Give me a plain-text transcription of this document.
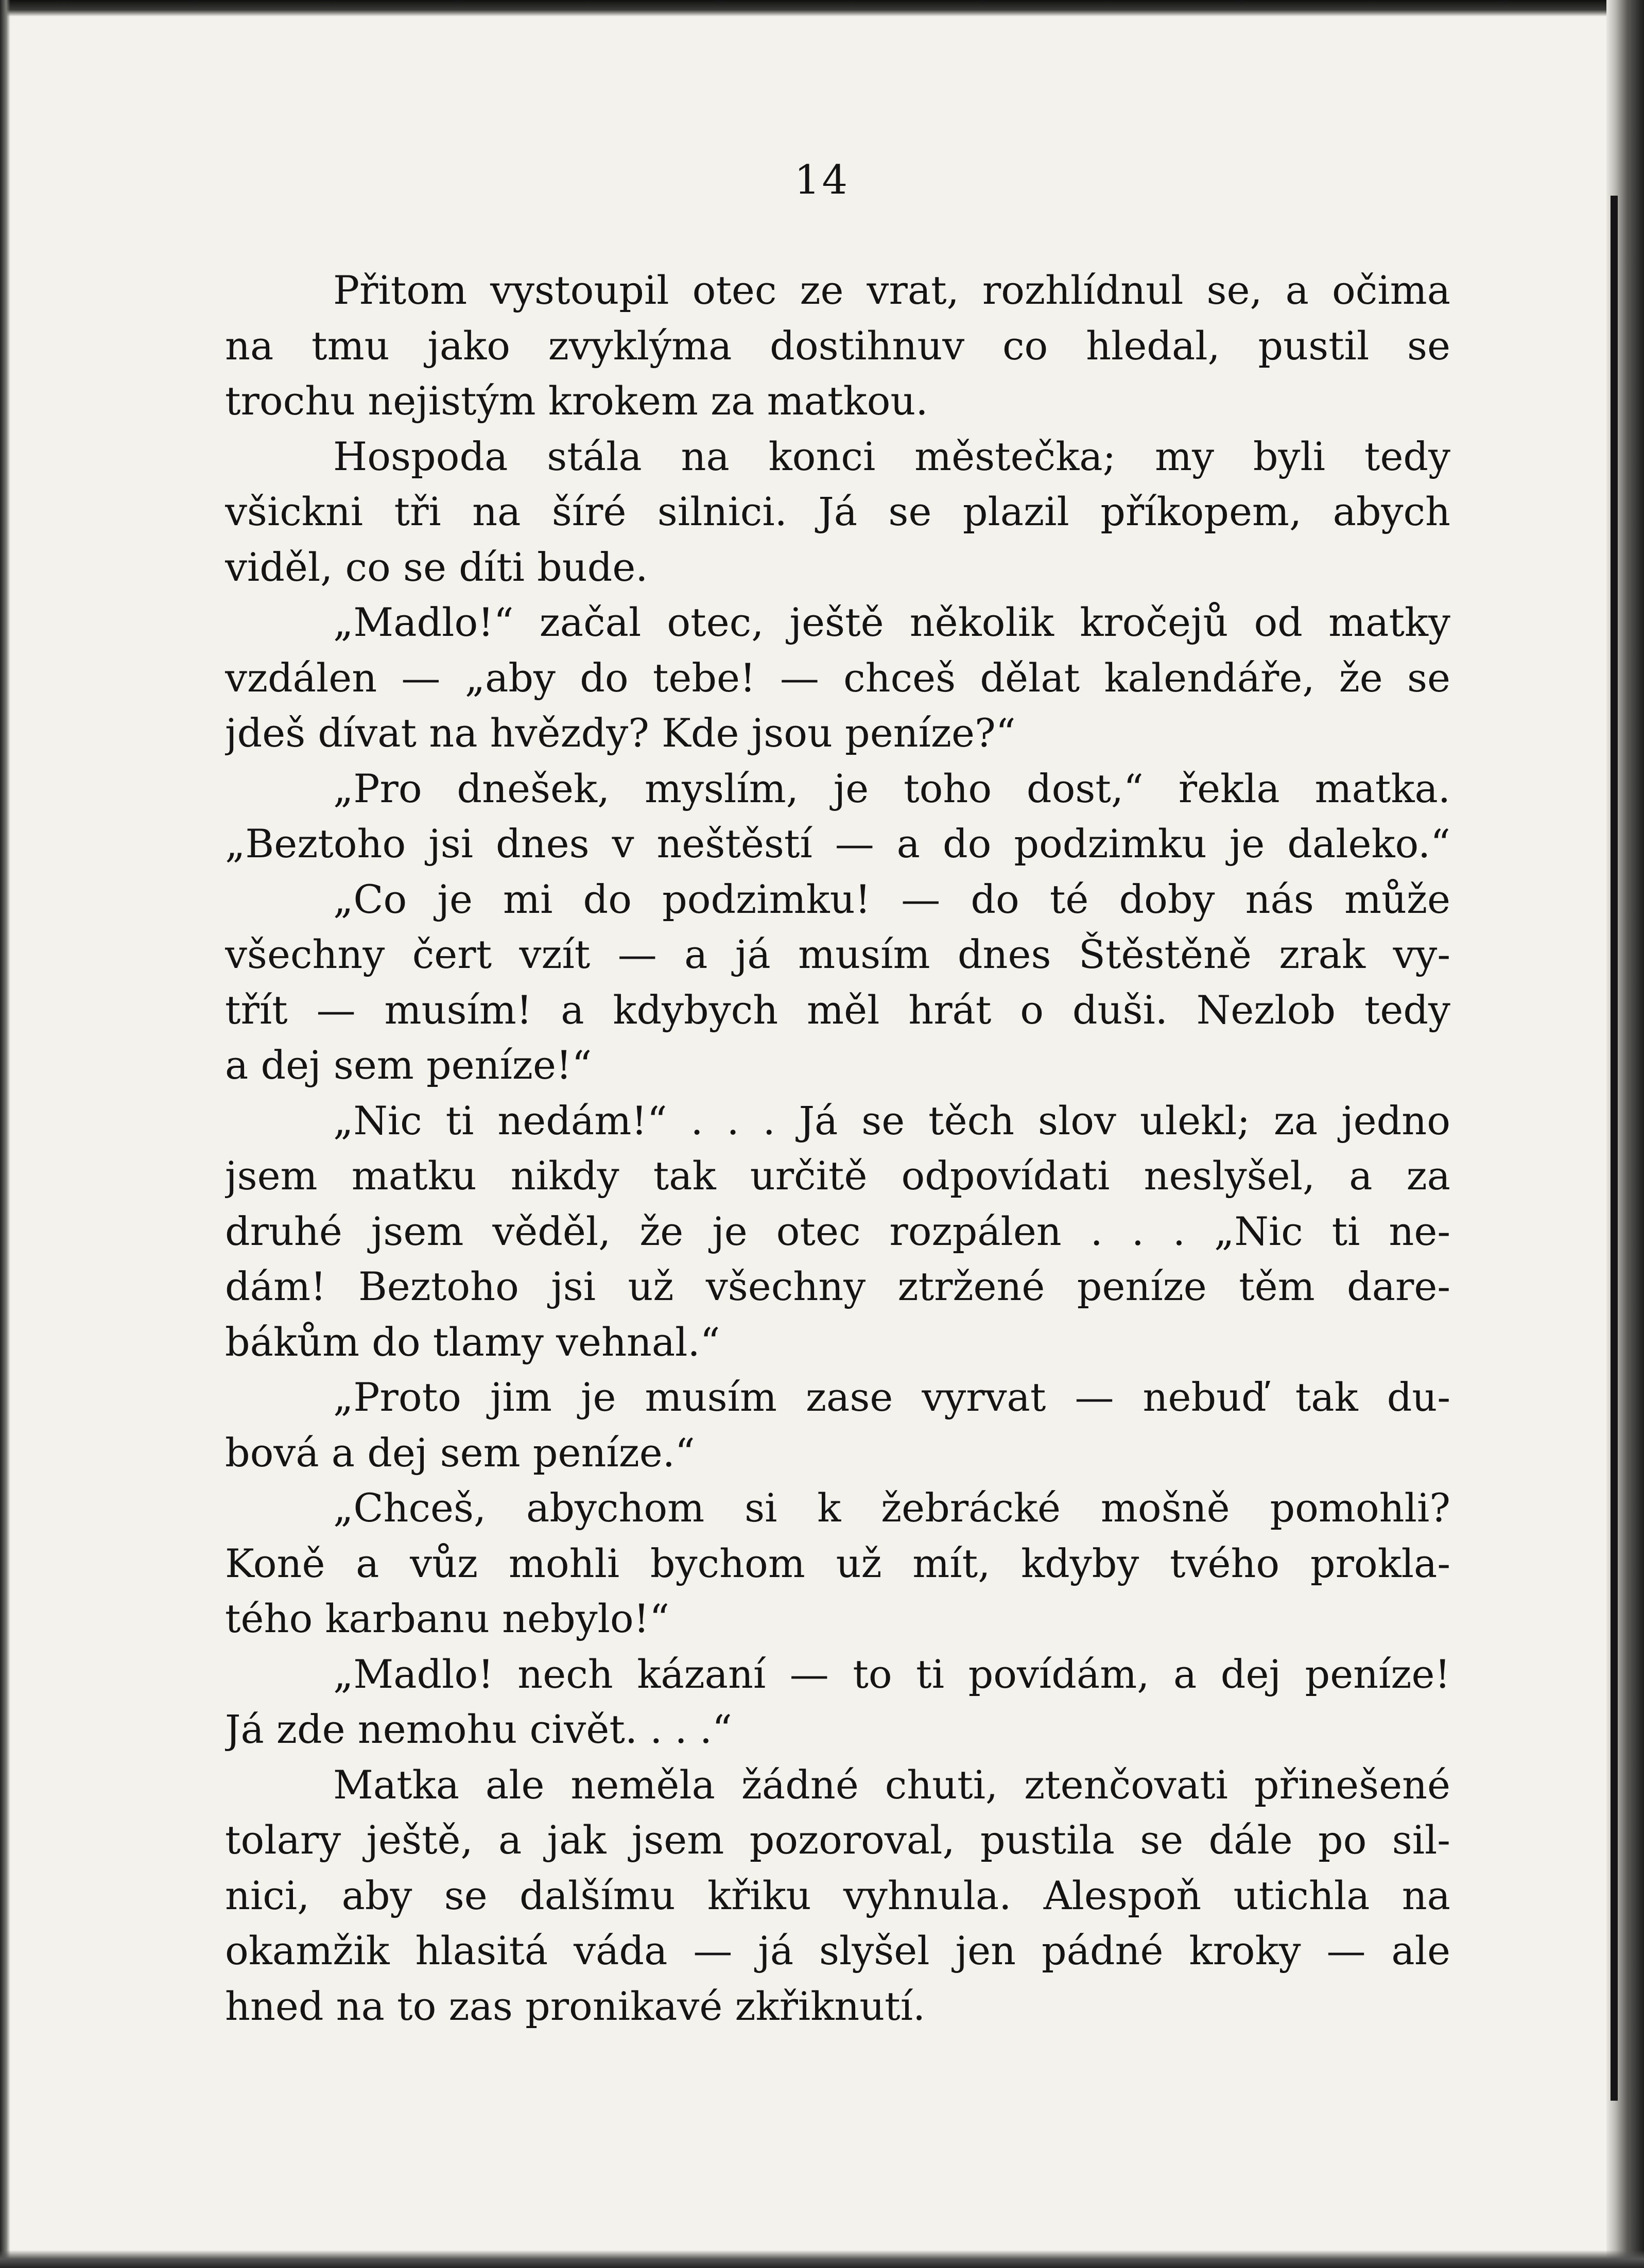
14
Přitom vystoupil otec ze vrat, rozhlídnul se, a očima
na tmu jako zvyklýma dostihnuv co hledal, pustil se
trochu nejistým krokem za matkou.
Hospoda stála na konci městečka; my byli tedy
všickni tři na šíré silnici. Já se plazil příkopem, abych
viděl, co se díti bude.
„Madlo!“ začal otec, ještě několik kročejů od matky
vzdálen — „aby do tebe! — chceš dělat kalendáře, že se
jdeš dívat na hvězdy? Kde jsou peníze?“
„Pro dnešek, myslím, je toho dost,“ řekla matka.
„Beztoho jsi dnes v neštěstí — a do podzimku je daleko.“
„Co je mi do podzimku! — do té doby nás může
všechny čert vzít — a já musím dnes Štěstěně zrak vy-
třít — musím! a kdybych měl hrát o duši. Nezlob tedy
a dej sem peníze!“
„Nic ti nedám!“ . . . Já se těch slov ulekl; za jedno
jsem matku nikdy tak určitě odpovídati neslyšel, a za
druhé jsem věděl, že je otec rozpálen . . . „Nic ti ne-
dám! Beztoho jsi už všechny ztržené peníze těm dare-
bákům do tlamy vehnal.“
„Proto jim je musím zase vyrvat — nebuď tak du-
bová a dej sem peníze.“
„Chceš, abychom si k žebrácké mošně pomohli?
Koně a vůz mohli bychom už mít, kdyby tvého prokla-
tého karbanu nebylo!“
„Madlo! nech kázaní — to ti povídám, a dej peníze!
Já zde nemohu civět. . . .“
Matka ale neměla žádné chuti, ztenčovati přinešené
tolary ještě, a jak jsem pozoroval, pustila se dále po sil-
nici, aby se dalšímu křiku vyhnula. Alespoň utichla na
okamžik hlasitá váda — já slyšel jen pádné kroky — ale
hned na to zas pronikavé zkřiknutí.
